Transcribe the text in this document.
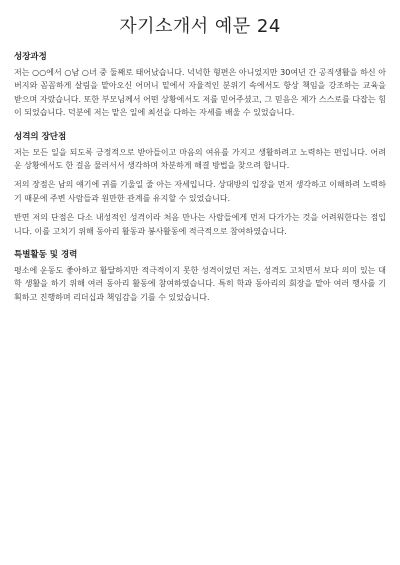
자기소개서 예문 24
성장과정

저는 ○○에서 ○남 ○녀 중 둘째로 태어났습니다. 넉넉한 형편은 아니었지만 30여년 간 공직생활을 하신 아버지와 꼼꼼하게 살림을 맡아오신 어머니 밑에서 자율적인 분위기 속에서도 항상 책임을 강조하는 교육을 받으며 자랐습니다. 또한 부모님께서 어떤 상황에서도 저를 믿어주셨고, 그 믿음은 제가 스스로를 다잡는 힘이 되었습니다. 덕분에 저는 맡은 일에 최선을 다하는 자세를 배울 수 있었습니다.

성격의 장단점

저는 모든 일을 되도록 긍정적으로 받아들이고 마음의 여유를 가지고 생활하려고 노력하는 편입니다. 어려운 상황에서도 한 걸음 물러서서 생각하며 차분하게 해결 방법을 찾으려 합니다.

저의 장점은 남의 얘기에 귀를 기울일 줄 아는 자세입니다. 상대방의 입장을 먼저 생각하고 이해하려 노력하기 때문에 주변 사람들과 원만한 관계를 유지할 수 있었습니다.

반면 저의 단점은 다소 내성적인 성격이라 처음 만나는 사람들에게 먼저 다가가는 것을 어려워한다는 점입니다. 이를 고치기 위해 동아리 활동과 봉사활동에 적극적으로 참여하였습니다.

특별활동 및 경력

평소에 운동도 좋아하고 활달하지만 적극적이지 못한 성격이었던 저는, 성격도 고치면서 보다 의미 있는 대학 생활을 하기 위해 여러 동아리 활동에 참여하였습니다. 특히 학과 동아리의 회장을 맡아 여러 행사를 기획하고 진행하며 리더십과 책임감을 기를 수 있었습니다.
